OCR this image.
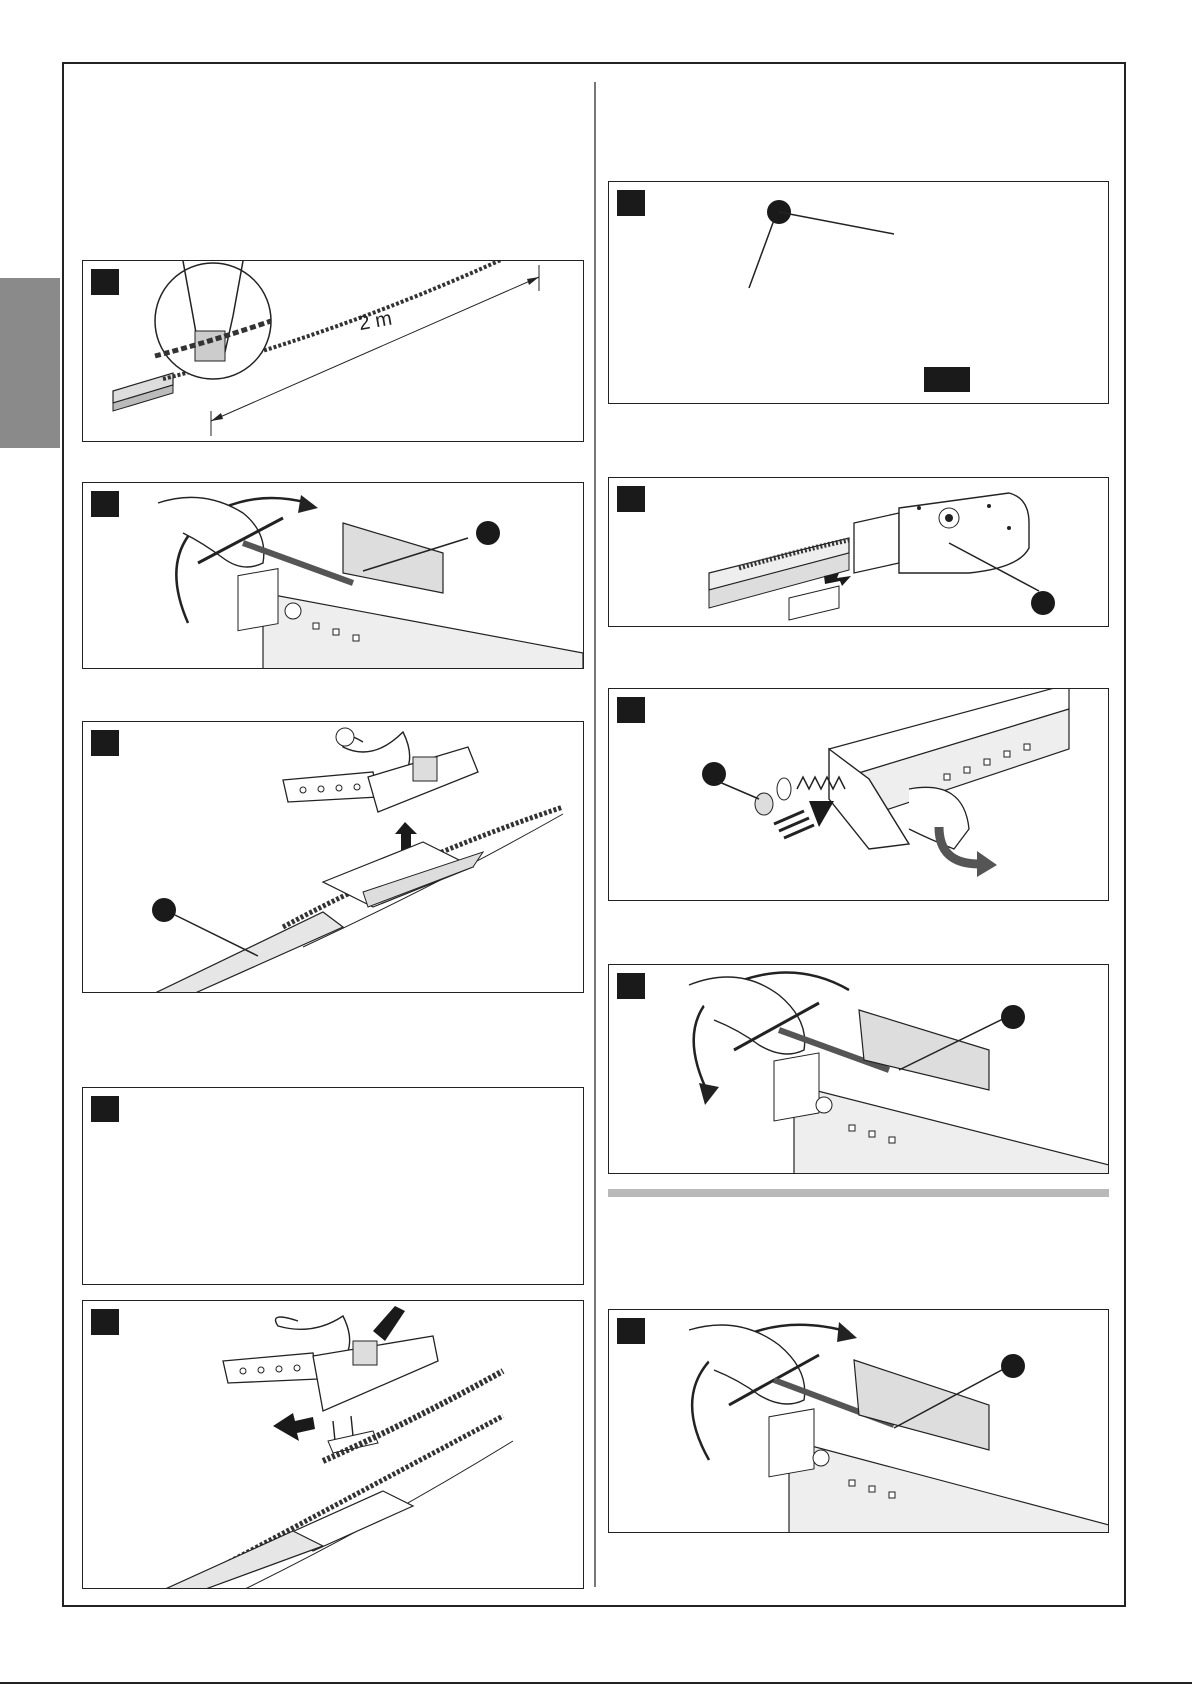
2 m
